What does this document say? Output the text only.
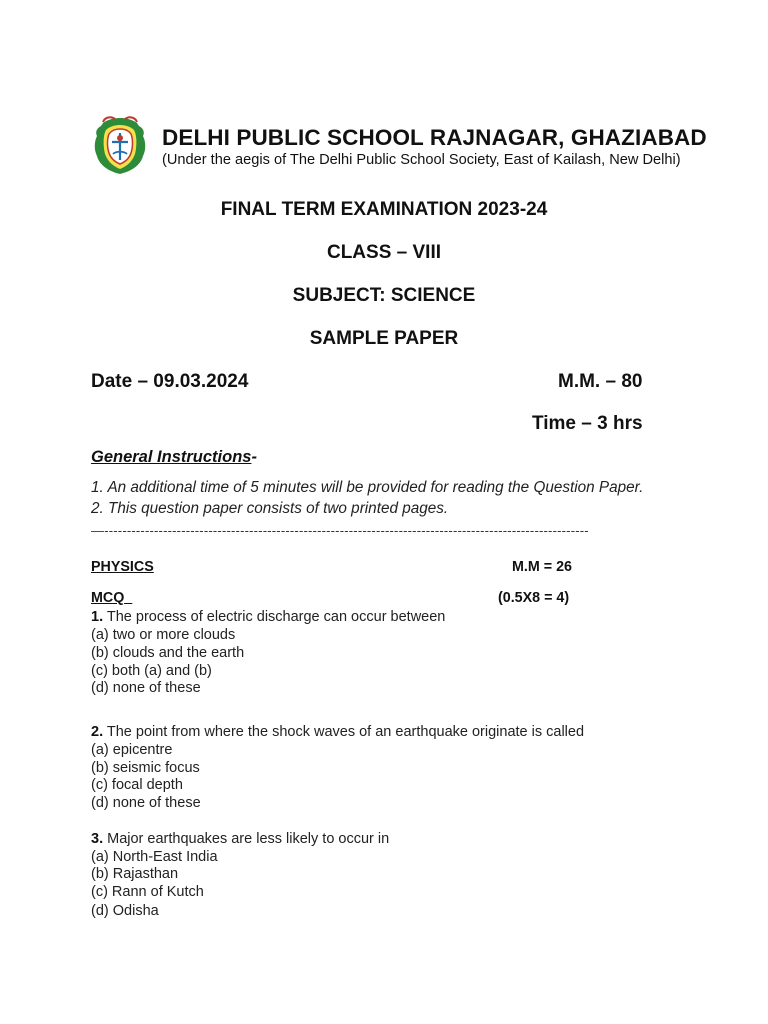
DELHI PUBLIC SCHOOL RAJNAGAR, GHAZIABAD
(Under the aegis of The Delhi Public School Society, East of Kailash, New Delhi)
FINAL TERM EXAMINATION 2023-24
CLASS – VIII
SUBJECT: SCIENCE
SAMPLE PAPER
Date – 09.03.2024	M.M. – 80
Time – 3 hrs
General Instructions-
1. An additional time of 5 minutes will be provided for reading the Question Paper.
2. This question paper consists of two printed pages.
—-----------------------------------------------------------------------------------------------------------
PHYSICS	M.M = 26
MCQ	(0.5X8 = 4)
1. The process of electric discharge can occur between
(a) two or more clouds
(b) clouds and the earth
(c) both (a) and (b)
(d) none of these
2. The point from where the shock waves of an earthquake originate is called
(a) epicentre
(b) seismic focus
(c) focal depth
(d) none of these
3. Major earthquakes are less likely to occur in
(a) North-East India
(b) Rajasthan
(c) Rann of Kutch
(d) Odisha
